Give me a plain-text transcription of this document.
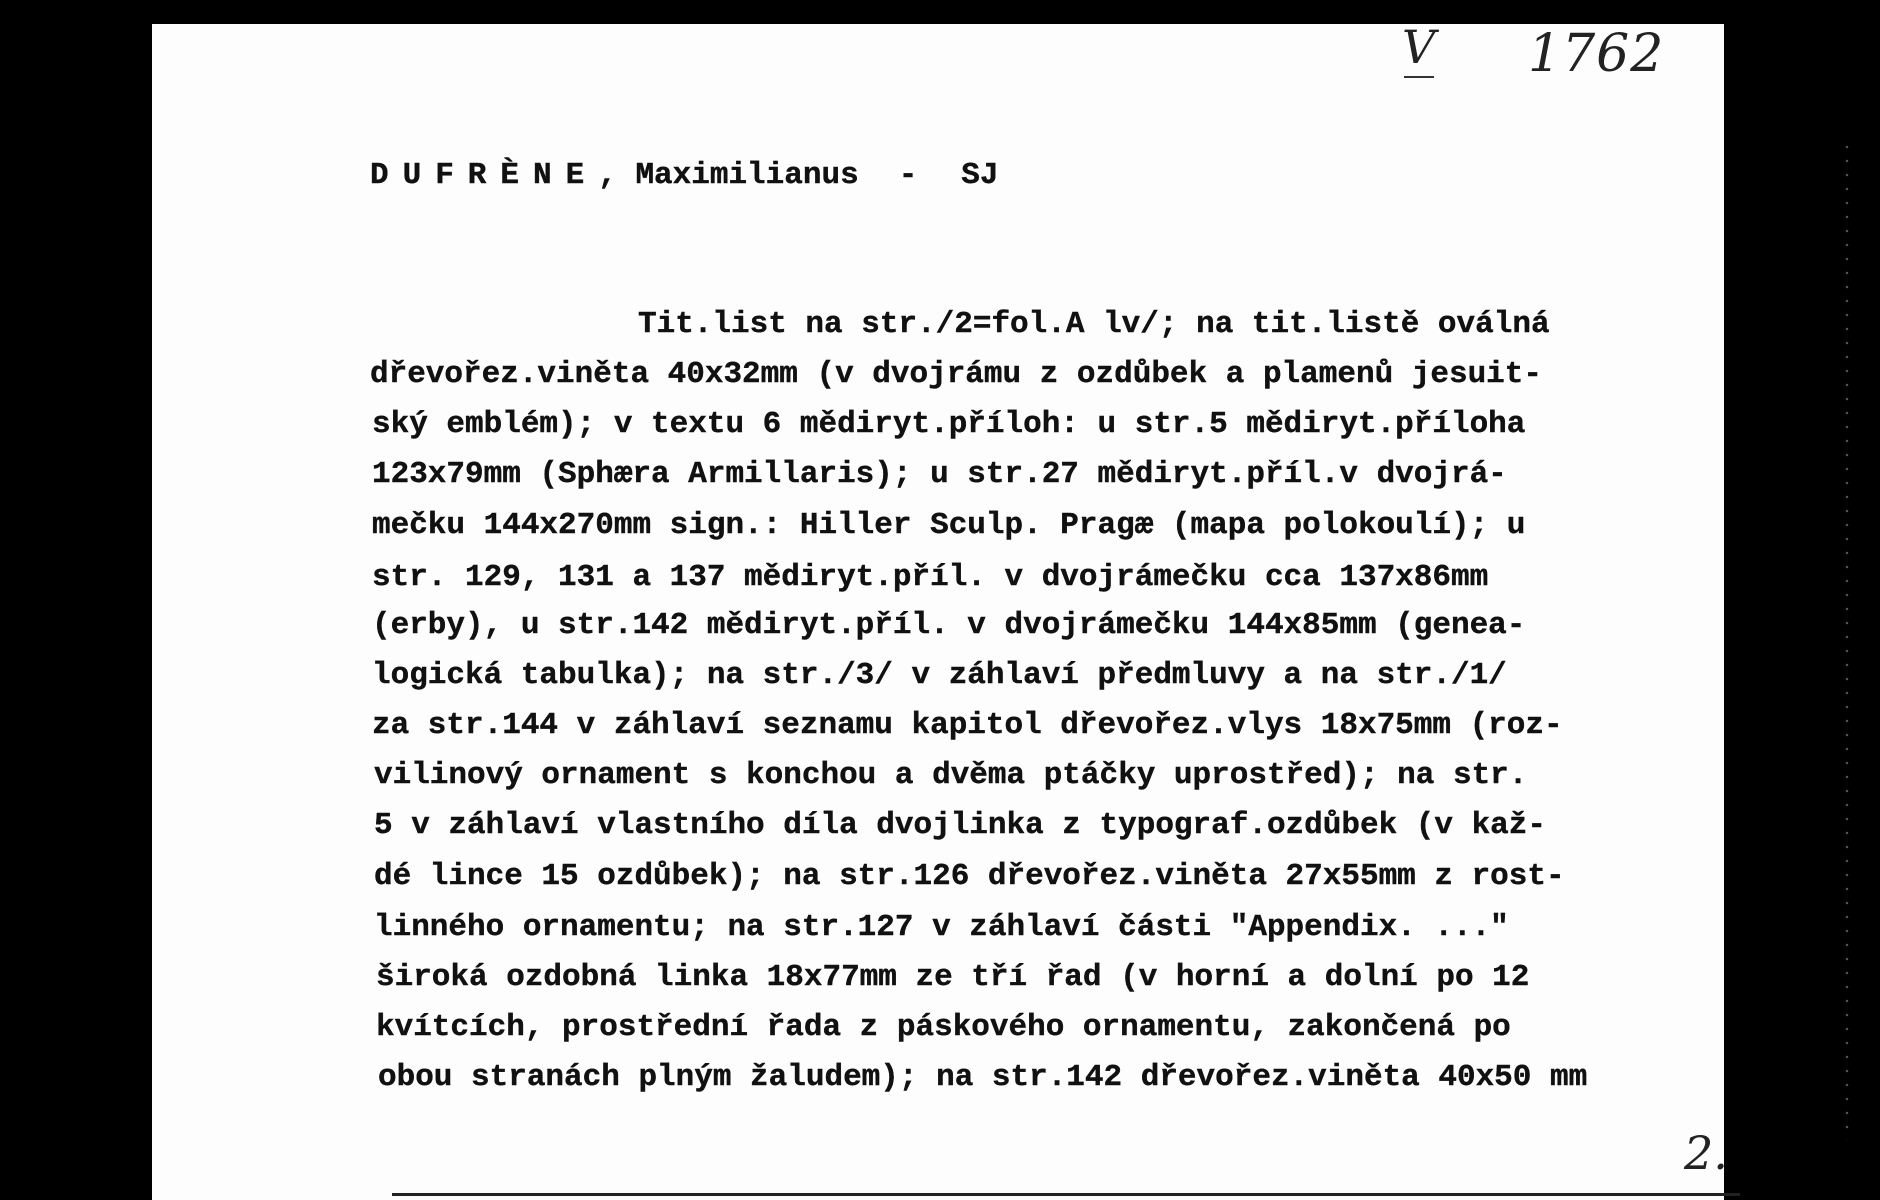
V 1762
DUFRÈNE , Maximilianus - SJ
Tit.list na str./2=fol.A lv/; na tit.listě oválná
dřevořez.viněta 40x32mm (v dvojrámu z ozdůbek a plamenů jesuit-
ský emblém); v textu 6 mědiryt.příloh: u str.5 mědiryt.příloha
123x79mm (Sphæra Armillaris); u str.27 mědiryt.příl.v dvojrá-
mečku 144x270mm sign.: Hiller Sculp. Pragæ (mapa polokoulí); u
str. 129, 131 a 137 mědiryt.příl. v dvojrámečku cca 137x86mm
(erby), u str.142 mědiryt.příl. v dvojrámečku 144x85mm (genea-
logická tabulka); na str./3/ v záhlaví předmluvy a na str./1/
za str.144 v záhlaví seznamu kapitol dřevořez.vlys 18x75mm (roz-
vilinový ornament s konchou a dvěma ptáčky uprostřed); na str.
5 v záhlaví vlastního díla dvojlinka z typograf.ozdůbek (v kaž-
dé lince 15 ozdůbek); na str.126 dřevořez.viněta 27x55mm z rost-
linného ornamentu; na str.127 v záhlaví části "Appendix. ..."
široká ozdobná linka 18x77mm ze tří řad (v horní a dolní po 12
kvítcích, prostřední řada z páskového ornamentu, zakončená po
obou stranách plným žaludem); na str.142 dřevořez.viněta 40x50 mm
2.
